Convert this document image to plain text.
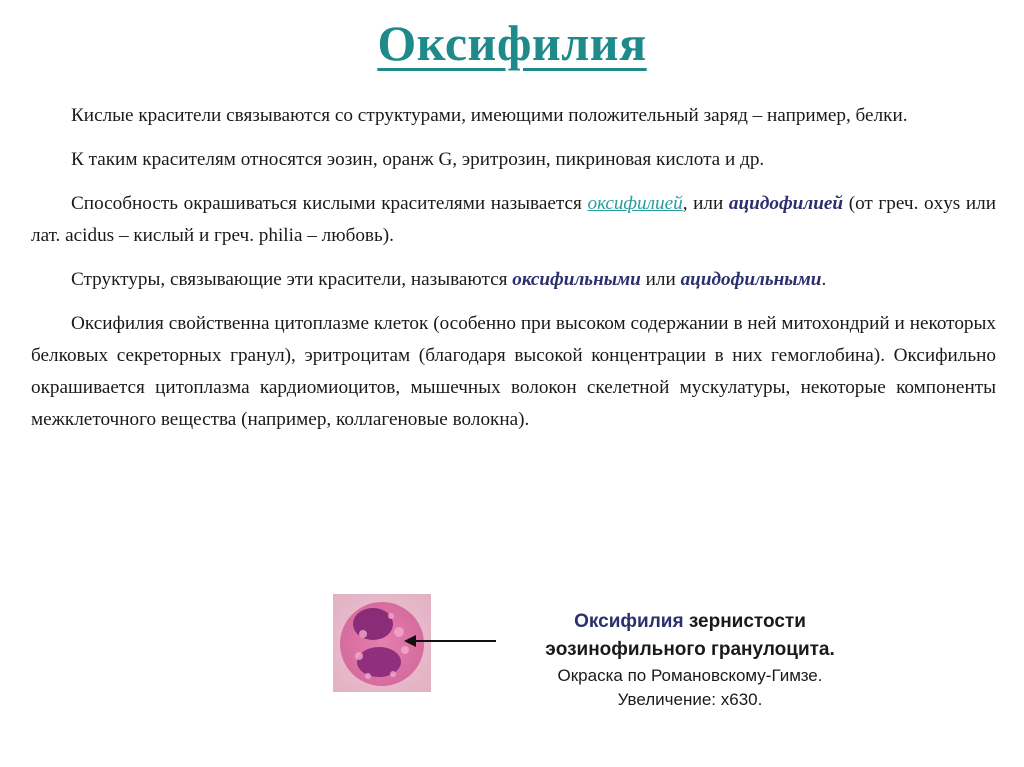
Оксифилия

Кислые красители связываются со структурами, имеющими положительный заряд – например, белки.

К таким красителям относятся эозин, оранж G, эритрозин, пикриновая кислота и др.

Способность окрашиваться кислыми красителями называется оксифилией, или ацидофилией (от греч. oxys или лат. acidus – кислый и греч. philia – любовь).

Структуры, связывающие эти красители, называются оксифильными или ацидофильными.

Оксифилия свойственна цитоплазме клеток (особенно при высоком содержании в ней митохондрий и некоторых белковых секреторных гранул), эритроцитам (благодаря высокой концентрации в них гемоглобина). Оксифильно окрашивается цитоплазма кардиомиоцитов, мышечных волокон скелетной мускулатуры, некоторые компоненты межклеточного вещества (например, коллагеновые волокна).

Оксифилия зернистости
эозинофильного гранулоцита.
Окраска по Романовскому-Гимзе.
Увеличение: x630.
